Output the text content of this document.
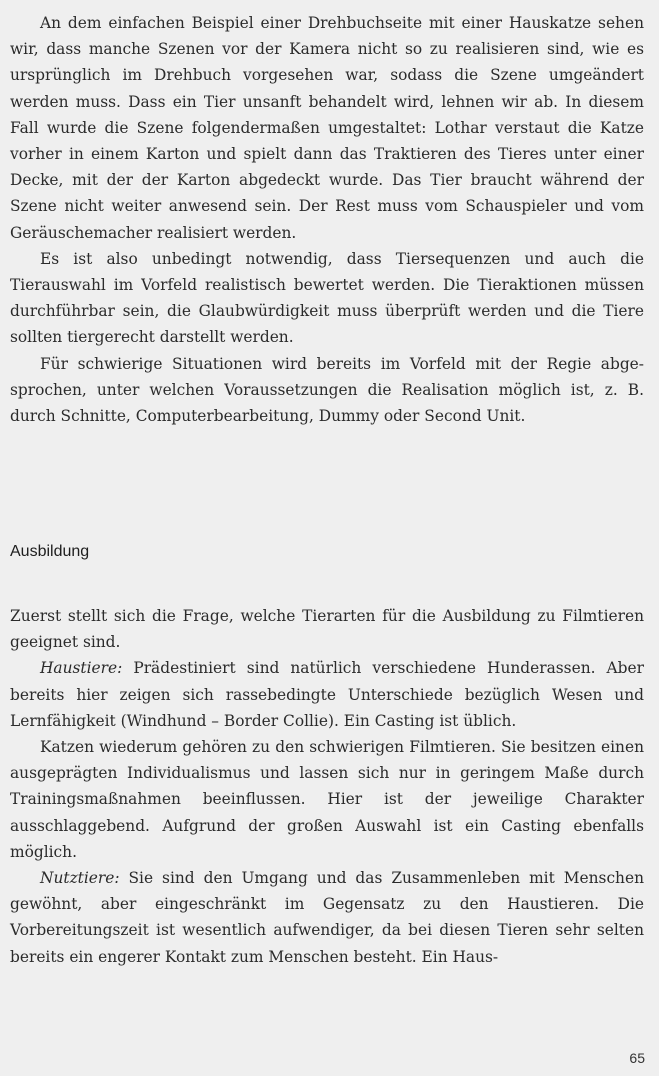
An dem einfachen Beispiel einer Drehbuchseite mit einer Hauskatze sehen wir, dass manche Szenen vor der Kamera nicht so zu realisieren sind, wie es ursprünglich im Drehbuch vorgesehen war, sodass die Szene umgeändert werden muss. Dass ein Tier unsanft behandelt wird, lehnen wir ab. In diesem Fall wurde die Szene folgendermaßen umgestaltet: Lothar verstaut die Katze vorher in einem Karton und spielt dann das Traktieren des Tieres unter einer Decke, mit der der Karton abgedeckt wurde. Das Tier braucht während der Szene nicht weiter anwesend sein. Der Rest muss vom Schauspieler und vom Geräuschemacher realisiert werden.

Es ist also unbedingt notwendig, dass Tiersequenzen und auch die Tierauswahl im Vorfeld realistisch bewertet werden. Die Tieraktionen müssen durchführbar sein, die Glaubwürdigkeit muss überprüft werden und die Tiere sollten tiergerecht darstellt werden.

Für schwierige Situationen wird bereits im Vorfeld mit der Regie abgesprochen, unter welchen Voraussetzungen die Realisation möglich ist, z. B. durch Schnitte, Computerbearbeitung, Dummy oder Second Unit.

Ausbildung

Zuerst stellt sich die Frage, welche Tierarten für die Ausbildung zu Filmtieren geeignet sind.

Haustiere: Prädestiniert sind natürlich verschiedene Hunderassen. Aber bereits hier zeigen sich rassebedingte Unterschiede bezüglich Wesen und Lernfähigkeit (Windhund – Border Collie). Ein Casting ist üblich.

Katzen wiederum gehören zu den schwierigen Filmtieren. Sie besitzen einen ausgeprägten Individualismus und lassen sich nur in geringem Maße durch Trainingsmaßnahmen beeinflussen. Hier ist der jeweilige Charakter ausschlaggebend. Aufgrund der großen Auswahl ist ein Casting ebenfalls möglich.

Nutztiere: Sie sind den Umgang und das Zusammenleben mit Menschen gewöhnt, aber eingeschränkt im Gegensatz zu den Haustieren. Die Vorbereitungszeit ist wesentlich aufwendiger, da bei diesen Tieren sehr selten bereits ein engerer Kontakt zum Menschen besteht. Ein Haus-

65
